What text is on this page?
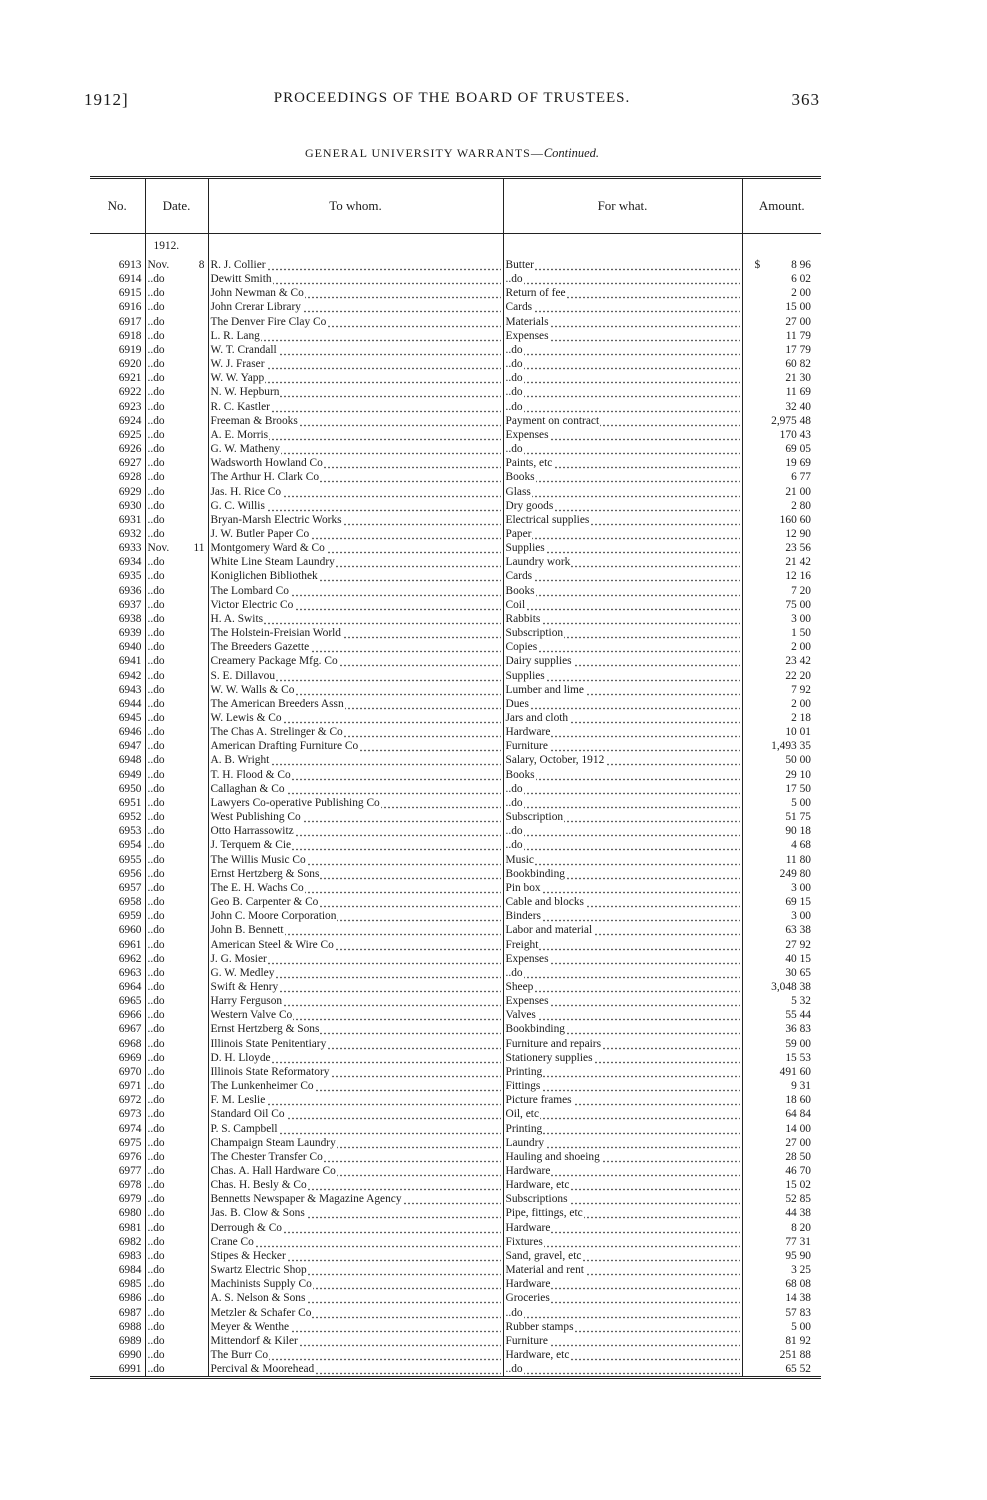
1912]	PROCEEDINGS OF THE BOARD OF TRUSTEES.	363
GENERAL UNIVERSITY WARRANTS—Continued.
No.	Date.	To whom.	For what.	Amount.
	1912.			
6913	Nov. 8	R. J. Collier	Butter	$ 8 96
6914	..do	Dewitt Smith	..do	6 02
6915	..do	John Newman & Co	Return of fee	2 00
6916	..do	John Crerar Library	Cards	15 00
6917	..do	The Denver Fire Clay Co	Materials	27 00
6918	..do	L. R. Lang	Expenses	11 79
6919	..do	W. T. Crandall	..do	17 79
6920	..do	W. J. Fraser	..do	60 82
6921	..do	W. W. Yapp	..do	21 30
6922	..do	N. W. Hepburn	..do	11 69
6923	..do	R. C. Kastler	..do	32 40
6924	..do	Freeman & Brooks	Payment on contract	2,975 48
6925	..do	A. E. Morris	Expenses	170 43
6926	..do	G. W. Matheny	..do	69 05
6927	..do	Wadsworth Howland Co	Paints, etc	19 69
6928	..do	The Arthur H. Clark Co	Books	6 77
6929	..do	Jas. H. Rice Co	Glass	21 00
6930	..do	G. C. Willis	Dry goods	2 80
6931	..do	Bryan-Marsh Electric Works	Electrical supplies	160 60
6932	..do	J. W. Butler Paper Co	Paper	12 90
6933	Nov. 11	Montgomery Ward & Co	Supplies	23 56
6934	..do	White Line Steam Laundry	Laundry work	21 42
6935	..do	Koniglichen Bibliothek	Cards	12 16
6936	..do	The Lombard Co	Books	7 20
6937	..do	Victor Electric Co	Coil	75 00
6938	..do	H. A. Swits	Rabbits	3 00
6939	..do	The Holstein-Freisian World	Subscription	1 50
6940	..do	The Breeders Gazette	Copies	2 00
6941	..do	Creamery Package Mfg. Co	Dairy supplies	23 42
6942	..do	S. E. Dillavou	Supplies	22 20
6943	..do	W. W. Walls & Co	Lumber and lime	7 92
6944	..do	The American Breeders Assn	Dues	2 00
6945	..do	W. Lewis & Co	Jars and cloth	2 18
6946	..do	The Chas A. Strelinger & Co	Hardware	10 01
6947	..do	American Drafting Furniture Co	Furniture	1,493 35
6948	..do	A. B. Wright	Salary, October, 1912	50 00
6949	..do	T. H. Flood & Co	Books	29 10
6950	..do	Callaghan & Co	..do	17 50
6951	..do	Lawyers Co-operative Publishing Co	..do	5 00
6952	..do	West Publishing Co	Subscription	51 75
6953	..do	Otto Harrassowitz	..do	90 18
6954	..do	J. Terquem & Cie	..do	4 68
6955	..do	The Willis Music Co	Music	11 80
6956	..do	Ernst Hertzberg & Sons	Bookbinding	249 80
6957	..do	The E. H. Wachs Co	Pin box	3 00
6958	..do	Geo B. Carpenter & Co	Cable and blocks	69 15
6959	..do	John C. Moore Corporation	Binders	3 00
6960	..do	John B. Bennett	Labor and material	63 38
6961	..do	American Steel & Wire Co	Freight	27 92
6962	..do	J. G. Mosier	Expenses	40 15
6963	..do	G. W. Medley	..do	30 65
6964	..do	Swift & Henry	Sheep	3,048 38
6965	..do	Harry Ferguson	Expenses	5 32
6966	..do	Western Valve Co	Valves	55 44
6967	..do	Ernst Hertzberg & Sons	Bookbinding	36 83
6968	..do	Illinois State Penitentiary	Furniture and repairs	59 00
6969	..do	D. H. Lloyde	Stationery supplies	15 53
6970	..do	Illinois State Reformatory	Printing	491 60
6971	..do	The Lunkenheimer Co	Fittings	9 31
6972	..do	F. M. Leslie	Picture frames	18 60
6973	..do	Standard Oil Co	Oil, etc	64 84
6974	..do	P. S. Campbell	Printing	14 00
6975	..do	Champaign Steam Laundry	Laundry	27 00
6976	..do	The Chester Transfer Co	Hauling and shoeing	28 50
6977	..do	Chas. A. Hall Hardware Co	Hardware	46 70
6978	..do	Chas. H. Besly & Co	Hardware, etc	15 02
6979	..do	Bennetts Newspaper & Magazine Agency	Subscriptions	52 85
6980	..do	Jas. B. Clow & Sons	Pipe, fittings, etc	44 38
6981	..do	Derrough & Co	Hardware	8 20
6982	..do	Crane Co	Fixtures	77 31
6983	..do	Stipes & Hecker	Sand, gravel, etc	95 90
6984	..do	Swartz Electric Shop	Material and rent	3 25
6985	..do	Machinists Supply Co	Hardware	68 08
6986	..do	A. S. Nelson & Sons	Groceries	14 38
6987	..do	Metzler & Schafer Co	..do	57 83
6988	..do	Meyer & Wenthe	Rubber stamps	5 00
6989	..do	Mittendorf & Kiler	Furniture	81 92
6990	..do	The Burr Co	Hardware, etc	251 88
6991	..do	Percival & Moorehead	..do	65 52
